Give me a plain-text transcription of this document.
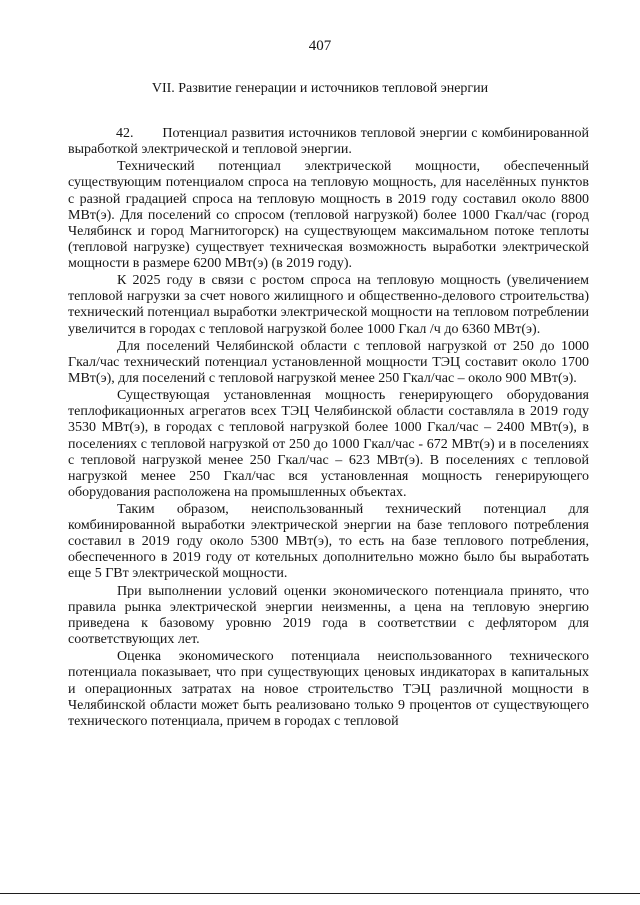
407
VII. Развитие генерации и источников тепловой энергии

42.       Потенциал развития источников тепловой энергии с комбинированной выработкой электрической и тепловой энергии.

Технический потенциал электрической мощности, обеспеченный существующим потенциалом спроса на тепловую мощность, для населённых пунктов с разной градацией спроса на тепловую мощность в 2019 году составил около 8800 МВт(э). Для поселений со спросом (тепловой нагрузкой) более 1000 Гкал/час (город Челябинск и город Магнитогорск) на существующем максимальном потоке теплоты (тепловой нагрузке) существует техническая возможность выработки электрической мощности в размере 6200 МВт(э) (в 2019 году).

К 2025 году в связи с ростом спроса на тепловую мощность (увеличением тепловой нагрузки за счет нового жилищного и общественно-делового строительства) технический потенциал выработки электрической мощности на тепловом потреблении увеличится в городах с тепловой нагрузкой более 1000 Гкал /ч до 6360 МВт(э).

Для поселений Челябинской области с тепловой нагрузкой от 250 до 1000 Гкал/час технический потенциал установленной мощности ТЭЦ составит около 1700 МВт(э), для поселений с тепловой нагрузкой менее 250 Гкал/час – около 900 МВт(э).

Существующая установленная мощность генерирующего оборудования теплофикационных агрегатов всех ТЭЦ Челябинской области составляла в 2019 году 3530 МВт(э), в городах с тепловой нагрузкой более 1000 Гкал/час – 2400 МВт(э), в поселениях с тепловой нагрузкой от 250 до 1000 Гкал/час - 672 МВт(э) и в поселениях с тепловой нагрузкой менее 250 Гкал/час – 623 МВт(э). В поселениях с тепловой нагрузкой менее 250 Гкал/час вся установленная мощность генерирующего оборудования расположена на промышленных объектах.

Таким образом, неиспользованный технический потенциал для комбинированной выработки электрической энергии на базе теплового потребления составил в 2019 году около 5300 МВт(э), то есть на базе теплового потребления, обеспеченного в 2019 году от котельных дополнительно можно было бы выработать еще 5 ГВт электрической мощности.

При выполнении условий оценки экономического потенциала принято, что правила рынка электрической энергии неизменны, а цена на тепловую энергию приведена к базовому уровню 2019 года в соответствии с дефлятором для соответствующих лет.

Оценка экономического потенциала неиспользованного технического потенциала показывает, что при существующих ценовых индикаторах в капитальных и операционных затратах на новое строительство ТЭЦ различной мощности в Челябинской области может быть реализовано только 9 процентов от существующего технического потенциала, причем в городах с тепловой
